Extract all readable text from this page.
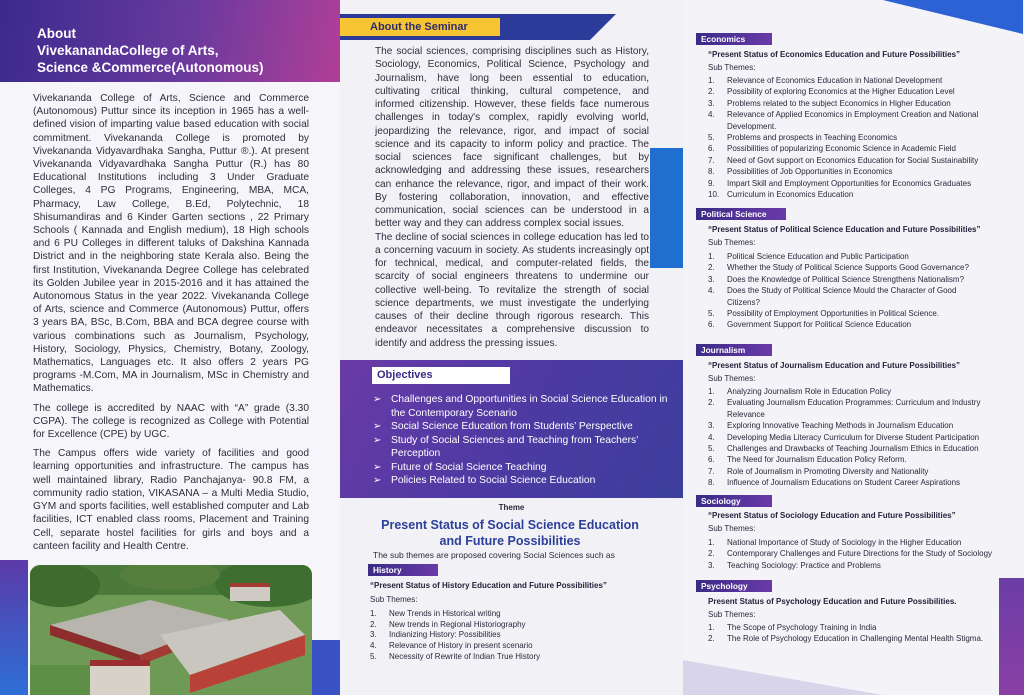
About
VivekanandaCollege of Arts,
Science &Commerce(Autonomous)

Vivekananda College of Arts, Science and Commerce (Autonomous) Puttur since its inception in 1965 has a well-defined vision of imparting value based education with social commitment. Vivekananda College is promoted by Vivekananda Vidyavardhaka Sangha, Puttur ®.). At present Vivekananda Vidyavardhaka Sangha Puttur (R.) has 80 Educational Institutions including 3 Under Graduate Colleges, 4 PG Programs, Engineering, MBA, MCA, Pharmacy, Law College, B.Ed, Polytechnic, 18 Shisumandiras and 6 Kinder Garten sections , 22 Primary Schools ( Kannada and English medium), 18 High schools and 6 PU Colleges in different taluks of Dakshina Kannada District and in the neighboring state Kerala also. Being the first Institution, Vivekananda Degree College has celebrated its Golden Jubilee year in 2015-2016 and it has attained the Autonomous Status in the year 2022. Vivekananda College of Arts, science and Commerce (Autonomous) Puttur, offers 3 years BA, BSc, B.Com, BBA and BCA degree course with various combinations such as Journalism, Psychology, History, Sociology, Physics, Chemistry, Botany, Zoology, Mathematics, Languages etc. It also offers 2 years PG programs -M.Com, MA in Journalism, MSc in Chemistry and Mathematics.

The college is accredited by NAAC with “A” grade (3.30 CGPA). The college is recognized as College with Potential for Excellence (CPE) by UGC.

The Campus offers wide variety of facilities and good learning opportunities and infrastructure. The campus has well maintained library, Radio Panchajanya- 90.8 FM, a community radio station, VIKASANA – a Multi Media Studio, GYM and sports facilities, well established computer and Lab facilities, ICT enabled class rooms, Placement and Training Cell, separate hostel facilities for girls and boys and a canteen facility and Health Centre.

About the Seminar

The social sciences, comprising disciplines such as History, Sociology, Economics, Political Science, Psychology and Journalism, have long been essential to education, cultivating critical thinking, cultural competence, and informed citizenship. However, these fields face numerous challenges in today's complex, rapidly evolving world, jeopardizing the relevance, rigor, and impact of social science and its capacity to inform policy and practice. The social sciences face significant challenges, but by acknowledging and addressing these issues, researchers can enhance the relevance, rigor, and impact of their work. By fostering collaboration, innovation, and effective communication, social sciences can be understood in a better way and they can address complex social issues.

The decline of social sciences in college education has led to a concerning vacuum in society. As students increasingly opt for technical, medical, and computer-related fields, the scarcity of social engineers threatens to undermine our collective well-being. To revitalize the strength of social science departments, we must investigate the underlying causes of their decline through rigorous research. This endeavor necessitates a comprehensive discussion to identify and address the pressing issues.

Objectives
➢ Challenges and Opportunities in Social Science Education in the Contemporary Scenario
➢ Social Science Education from Students’ Perspective
➢ Study of Social Sciences and Teaching from Teachers’ Perception
➢ Future of Social Science Teaching
➢ Policies Related to Social Science Education
Theme
Present Status of Social Science Education
and Future Possibilities
The sub themes are proposed covering Social Sciences such as
History
“Present Status of History Education and Future Possibilities”
Sub Themes:
1. New Trends in Historical writing
2. New trends in Regional Historiography
3. Indianizing History: Possibilities
4. Relevance of History in present scenario
5. Necessity of Rewrite of Indian True History
Economics
“Present Status of Economics Education and Future Possibilities”
Sub Themes:
1. Relevance of Economics Education in National Development
2. Possibility of exploring Economics at the Higher Education Level
3. Problems related to the subject Economics in Higher Education
4. Relevance of Applied Economics in Employment Creation and National Development.
5. Problems and prospects in Teaching Economics
6. Possibilities of popularizing Economic Science in Academic Field
7. Need of Govt support on Economics Education for Social Sustainability
8. Possibilities of Job Opportunities in Economics
9. Impart Skill and Employment Opportunities for Economics Graduates
10. Curriculum in Economics Education
Political Science
“Present Status of Political Science Education and Future Possibilities”
Sub Themes:
1. Political Science Education and Public Participation
2. Whether the Study of Political Science Supports Good Governance?
3. Does the Knowledge of Political Science Strengthens Nationalism?
4. Does the Study of Political Science Mould the Character of Good Citizens?
5. Possibility of Employment Opportunities in Political Science.
6. Government Support for Political Science Education
Journalism
“Present Status of Journalism Education and Future Possibilities”
Sub Themes:
1. Analyzing Journalism Role in Education Policy
2. Evaluating Journalism Education Programmes: Curriculum and Industry Relevance
3. Exploring Innovative Teaching Methods in Journalism Education
4. Developing Media Literacy Curriculum for Diverse Student Participation
5. Challenges and Drawbacks of Teaching Journalism Ethics in Education
6. The Need for Journalism Education Policy Reform.
7. Role of Journalism in Promoting Diversity and Nationality
8. Influence of Journalism Educations on Student Career Aspirations
Sociology
“Present Status of Sociology Education and Future Possibilities”
Sub Themes:
1. National Importance of Study of Sociology in the Higher Education
2. Contemporary Challenges and Future Directions for the Study of Sociology
3. Teaching Sociology: Practice and Problems
Psychology
Present Status of Psychology Education and Future Possibilities.
Sub Themes:
1. The Scope of Psychology Training in India
2. The Role of Psychology Education in Challenging Mental Health Stigma.
